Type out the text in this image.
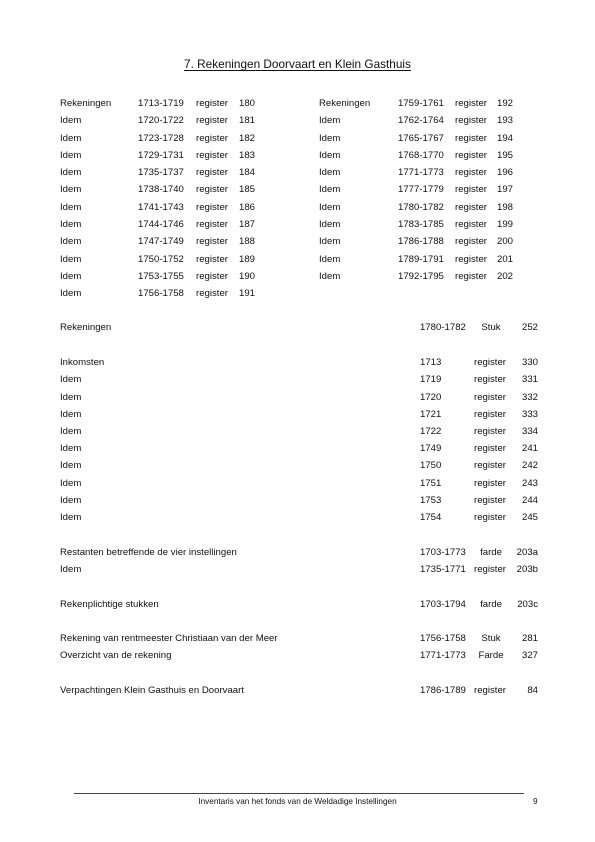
7. Rekeningen Doorvaart en Klein Gasthuis
Rekeningen	1713-1719 register 180
Idem	1720-1722 register 181
Idem	1723-1728 register 182
Idem	1729-1731 register 183
Idem	1735-1737 register 184
Idem	1738-1740 register 185
Idem	1741-1743 register 186
Idem	1744-1746 register 187
Idem	1747-1749 register 188
Idem	1750-1752 register 189
Idem	1753-1755 register 190
Idem	1756-1758 register 191
Rekeningen	1759-1761 register 192
Idem	1762-1764 register 193
Idem	1765-1767 register 194
Idem	1768-1770 register 195
Idem	1771-1773 register 196
Idem	1777-1779 register 197
Idem	1780-1782 register 198
Idem	1783-1785 register 199
Idem	1786-1788 register 200
Idem	1789-1791 register 201
Idem	1792-1795 register 202
Rekeningen	1780-1782	Stuk	252
Inkomsten	1713	register 330
Idem	1719	register 331
Idem	1720	register 332
Idem	1721	register 333
Idem	1722	register 334
Idem	1749	register 241
Idem	1750	register 242
Idem	1751	register 243
Idem	1753	register 244
Idem	1754	register 245
Restanten betreffende de vier instellingen	1703-1773	farde	203a
Idem	1735-1771 register 203b
Rekenplichtige stukken	1703-1794	farde	203c
Rekening van rentmeester Christiaan van der Meer	1756-1758	Stuk	281
Overzicht van de rekening	1771-1773	Farde	327
Verpachtingen Klein Gasthuis en Doorvaart	1786-1789 register 84
Inventaris van het fonds van de Weldadige Instellingen	9
